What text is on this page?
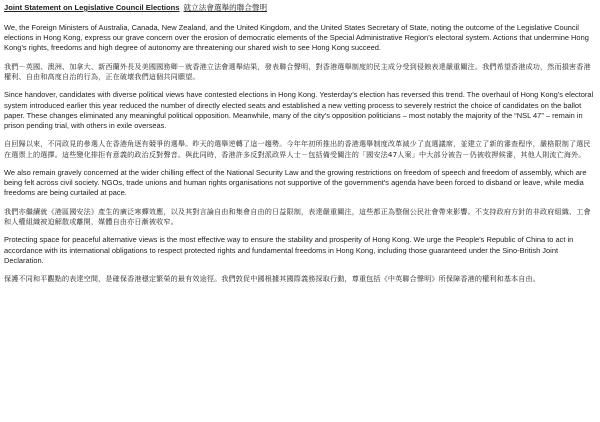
Joint Statement on Legislative Council Elections 就立法會選舉的聯合聲明

We, the Foreign Ministers of Australia, Canada, New Zealand, and the United Kingdom, and the United States Secretary of State, noting the outcome of the Legislative Council elections in Hong Kong, express our grave concern over the erosion of democratic elements of the Special Administrative Region’s electoral system. Actions that undermine Hong Kong’s rights, freedoms and high degree of autonomy are threatening our shared wish to see Hong Kong succeed.

我們－英國、澳洲、加拿大、新西蘭外長及美國國務卿－就香港立法會選舉結果，發表聯合聲明，對香港選舉制度的民主成分受到侵蝕表達嚴重關注。我們希望香港成功，然而損害香港權利、自由和高度自治的行為，正在破壞我們這個共同願望。

Since handover, candidates with diverse political views have contested elections in Hong Kong. Yesterday’s election has reversed this trend. The overhaul of Hong Kong’s electoral system introduced earlier this year reduced the number of directly elected seats and established a new vetting process to severely restrict the choice of candidates on the ballot paper. These changes eliminated any meaningful political opposition. Meanwhile, many of the city’s opposition politicians – most notably the majority of the “NSL 47” – remain in prison pending trial, with others in exile overseas.

自回歸以來，不同政見的參選人在香港角逐有競爭的選舉。昨天的選舉逆轉了這一趨勢。今年年初所推出的香港選舉制度改革減少了直選議席，並建立了新的審查程序，嚴格限制了選民在選票上的選擇。這些變化排拒有意義的政治反對聲音。與此同時，香港許多反對派政界人士－包括備受關注的「國安法47人案」中大部分被告－仍被收押候審，其他人則流亡海外。

We also remain gravely concerned at the wider chilling effect of the National Security Law and the growing restrictions on freedom of speech and freedom of assembly, which are being felt across civil society. NGOs, trade unions and human rights organisations not supportive of the government’s agenda have been forced to disband or leave, while media freedoms are being curtailed at pace.

我們亦繼續就《港區國安法》產生的廣泛寒蟬效應，以及其對言論自由和集會自由的日益限制，表達嚴重關注，這些都正為整個公民社會帶來影響。不支持政府方針的非政府組織、工會和人權組織被迫解散或離開，媒體自由亦日漸被收窄。

Protecting space for peaceful alternative views is the most effective way to ensure the stability and prosperity of Hong Kong. We urge the People’s Republic of China to act in accordance with its international obligations to respect protected rights and fundamental freedoms in Hong Kong, including those guaranteed under the Sino-British Joint Declaration.

保護不同和平觀點的表達空間，是確保香港穩定繁榮的最有效途徑。我們敦促中國根據其國際義務採取行動，尊重包括《中英聯合聲明》所保障香港的權利和基本自由。
